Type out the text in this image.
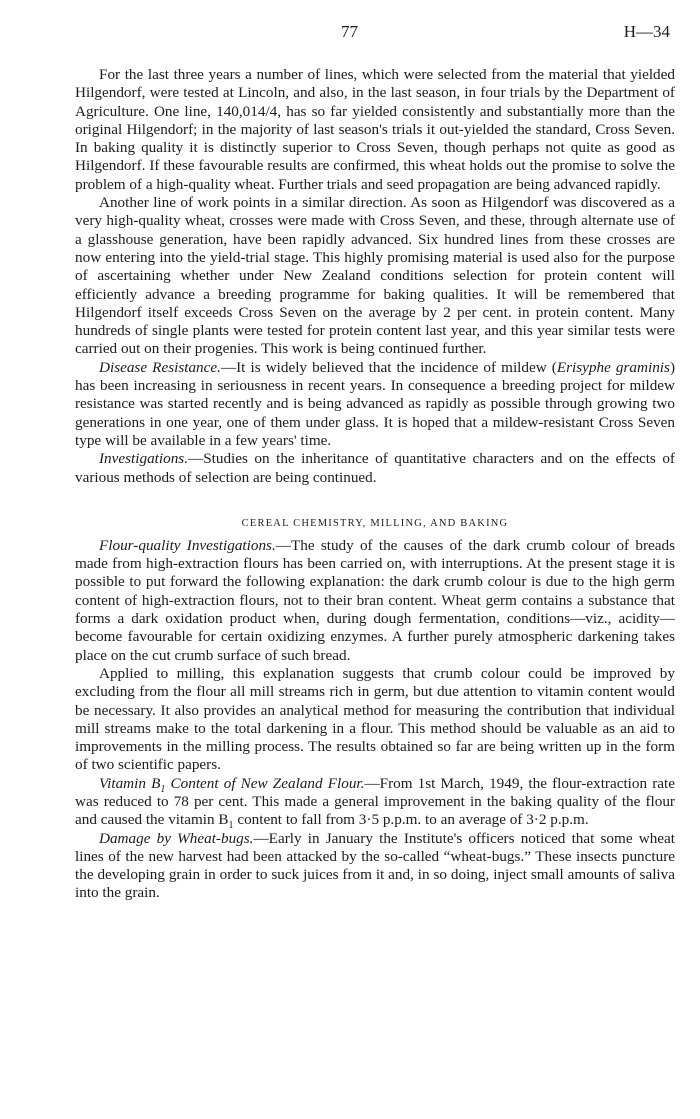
77	H—34

For the last three years a number of lines, which were selected from the material that yielded Hilgendorf, were tested at Lincoln, and also, in the last season, in four trials by the Department of Agriculture. One line, 140,014/4, has so far yielded consistently and substantially more than the original Hilgendorf; in the majority of last season's trials it out-yielded the standard, Cross Seven. In baking quality it is distinctly superior to Cross Seven, though perhaps not quite as good as Hilgendorf. If these favourable results are confirmed, this wheat holds out the promise to solve the problem of a high-quality wheat. Further trials and seed propagation are being advanced rapidly.

Another line of work points in a similar direction. As soon as Hilgendorf was discovered as a very high-quality wheat, crosses were made with Cross Seven, and these, through alternate use of a glasshouse generation, have been rapidly advanced. Six hundred lines from these crosses are now entering into the yield-trial stage. This highly promising material is used also for the purpose of ascertaining whether under New Zealand conditions selection for protein content will efficiently advance a breeding programme for baking qualities. It will be remembered that Hilgendorf itself exceeds Cross Seven on the average by 2 per cent. in protein content. Many hundreds of single plants were tested for protein content last year, and this year similar tests were carried out on their progenies. This work is being continued further.

Disease Resistance.—It is widely believed that the incidence of mildew (Erisyphe graminis) has been increasing in seriousness in recent years. In consequence a breeding project for mildew resistance was started recently and is being advanced as rapidly as possible through growing two generations in one year, one of them under glass. It is hoped that a mildew-resistant Cross Seven type will be available in a few years' time.

Investigations.—Studies on the inheritance of quantitative characters and on the effects of various methods of selection are being continued.

CEREAL CHEMISTRY, MILLING, AND BAKING

Flour-quality Investigations.—The study of the causes of the dark crumb colour of breads made from high-extraction flours has been carried on, with interruptions. At the present stage it is possible to put forward the following explanation: the dark crumb colour is due to the high germ content of high-extraction flours, not to their bran content. Wheat germ contains a substance that forms a dark oxidation product when, during dough fermentation, conditions—viz., acidity—become favourable for certain oxidizing enzymes. A further purely atmospheric darkening takes place on the cut crumb surface of such bread.

Applied to milling, this explanation suggests that crumb colour could be improved by excluding from the flour all mill streams rich in germ, but due attention to vitamin content would be necessary. It also provides an analytical method for measuring the contribution that individual mill streams make to the total darkening in a flour. This method should be valuable as an aid to improvements in the milling process. The results obtained so far are being written up in the form of two scientific papers.

Vitamin $B_1$ Content of New Zealand Flour.—From 1st March, 1949, the flour-extraction rate was reduced to 78 per cent. This made a general improvement in the baking quality of the flour and caused the vitamin $B_1$ content to fall from 3·5 p.p.m. to an average of 3·2 p.p.m.

Damage by Wheat-bugs.—Early in January the Institute's officers noticed that some wheat lines of the new harvest had been attacked by the so-called “wheat-bugs.” These insects puncture the developing grain in order to suck juices from it and, in so doing, inject small amounts of saliva into the grain.
